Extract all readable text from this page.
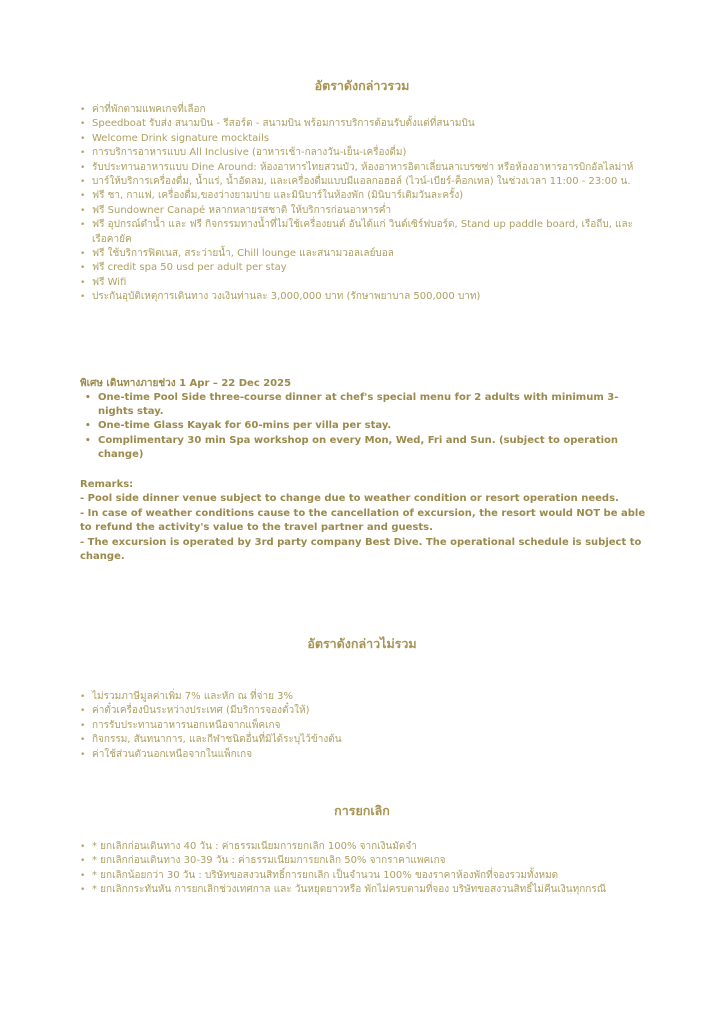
อัตราดังกล่าวรวม
• ค่าที่พักตามแพคเกจที่เลือก
• Speedboat รับส่ง สนามบิน - รีสอร์ต - สนามบิน พร้อมการบริการต้อนรับตั้งแต่ที่สนามบิน
• Welcome Drink signature mocktails
• การบริการอาหารแบบ All Inclusive (อาหารเช้า-กลางวัน-เย็น-เครื่องดื่ม)
• รับประทานอาหารแบบ Dine Around: ห้องอาหารไทยสวนบัว, ห้องอาหารอิตาเลี่ยนลาเบรซซ่า หรือห้องอาหารอารบิกอัลไลม่าห์
• บาร์ให้บริการเครื่องดื่ม, น้ำแร่, น้ำอัดลม, และเครื่องดื่มแบบมีแอลกอฮอล์ (ไวน์-เบียร์-ค็อกเทล) ในช่วงเวลา 11:00 - 23:00 น.
• ฟรี ชา, กาแฟ, เครื่องดื่ม,ของว่างยามบ่าย และมินิบาร์ในห้องพัก (มินิบาร์เติมวันละครั้ง)
• ฟรี Sundowner Canapé หลากหลายรสชาติ ให้บริการก่อนอาหารค่ำ
• ฟรี อุปกรณ์ดำน้ำ และ ฟรี กิจกรรมทางน้ำที่ไม่ใช้เครื่องยนต์ อันได้แก่ วินด์เซิร์ฟบอร์ด, Stand up paddle board, เรือถีบ, และเรือคายัค
• ฟรี ใช้บริการฟิตเนส, สระว่ายน้ำ, Chill lounge และสนามวอลเลย์บอล
• ฟรี credit spa 50 usd per adult per stay
• ฟรี Wifi
• ประกันอุบัติเหตุการเดินทาง วงเงินท่านละ 3,000,000 บาท (รักษาพยาบาล 500,000 บาท)
พิเศษ เดินทางภายช่วง 1 Apr – 22 Dec 2025
• One-time Pool Side three-course dinner at chef's special menu for 2 adults with minimum 3-nights stay.
• One-time Glass Kayak for 60-mins per villa per stay.
• Complimentary 30 min Spa workshop on every Mon, Wed, Fri and Sun. (subject to operation change)

Remarks:

- Pool side dinner venue subject to change due to weather condition or resort operation needs.

- In case of weather conditions cause to the cancellation of excursion, the resort would NOT be able to refund the activity's value to the travel partner and guests.

- The excursion is operated by 3rd party company Best Dive. The operational schedule is subject to change.

อัตราดังกล่าวไม่รวม
• ไม่รวมภาษีมูลค่าเพิ่ม 7% และหัก ณ ที่จ่าย 3%
• ค่าตั๋วเครื่องบินระหว่างประเทศ (มีบริการจองตั๋วให้)
• การรับประทานอาหารนอกเหนือจากแพ็คเกจ
• กิจกรรม, สันทนาการ, และกีฬาชนิดอื่นที่มิได้ระบุไว้ข้างต้น
• ค่าใช้ส่วนตัวนอกเหนือจากในแพ็กเกจ
การยกเลิก
• * ยกเลิกก่อนเดินทาง 40 วัน : ค่าธรรมเนียมการยกเลิก 100% จากเงินมัดจำ
• * ยกเลิกก่อนเดินทาง 30-39 วัน : ค่าธรรมเนียมการยกเลิก 50% จากราคาแพคเกจ
• * ยกเลิกน้อยกว่า 30 วัน : บริษัทขอสงวนสิทธิ์การยกเลิก เป็นจำนวน 100% ของราคาห้องพักที่จองรวมทั้งหมด
• * ยกเลิกกระทันหัน การยกเลิกช่วงเทศกาล และ วันหยุดยาวหรือ พักไม่ครบตามที่จอง บริษัทขอสงวนสิทธิ์ไม่คืนเงินทุกกรณี
